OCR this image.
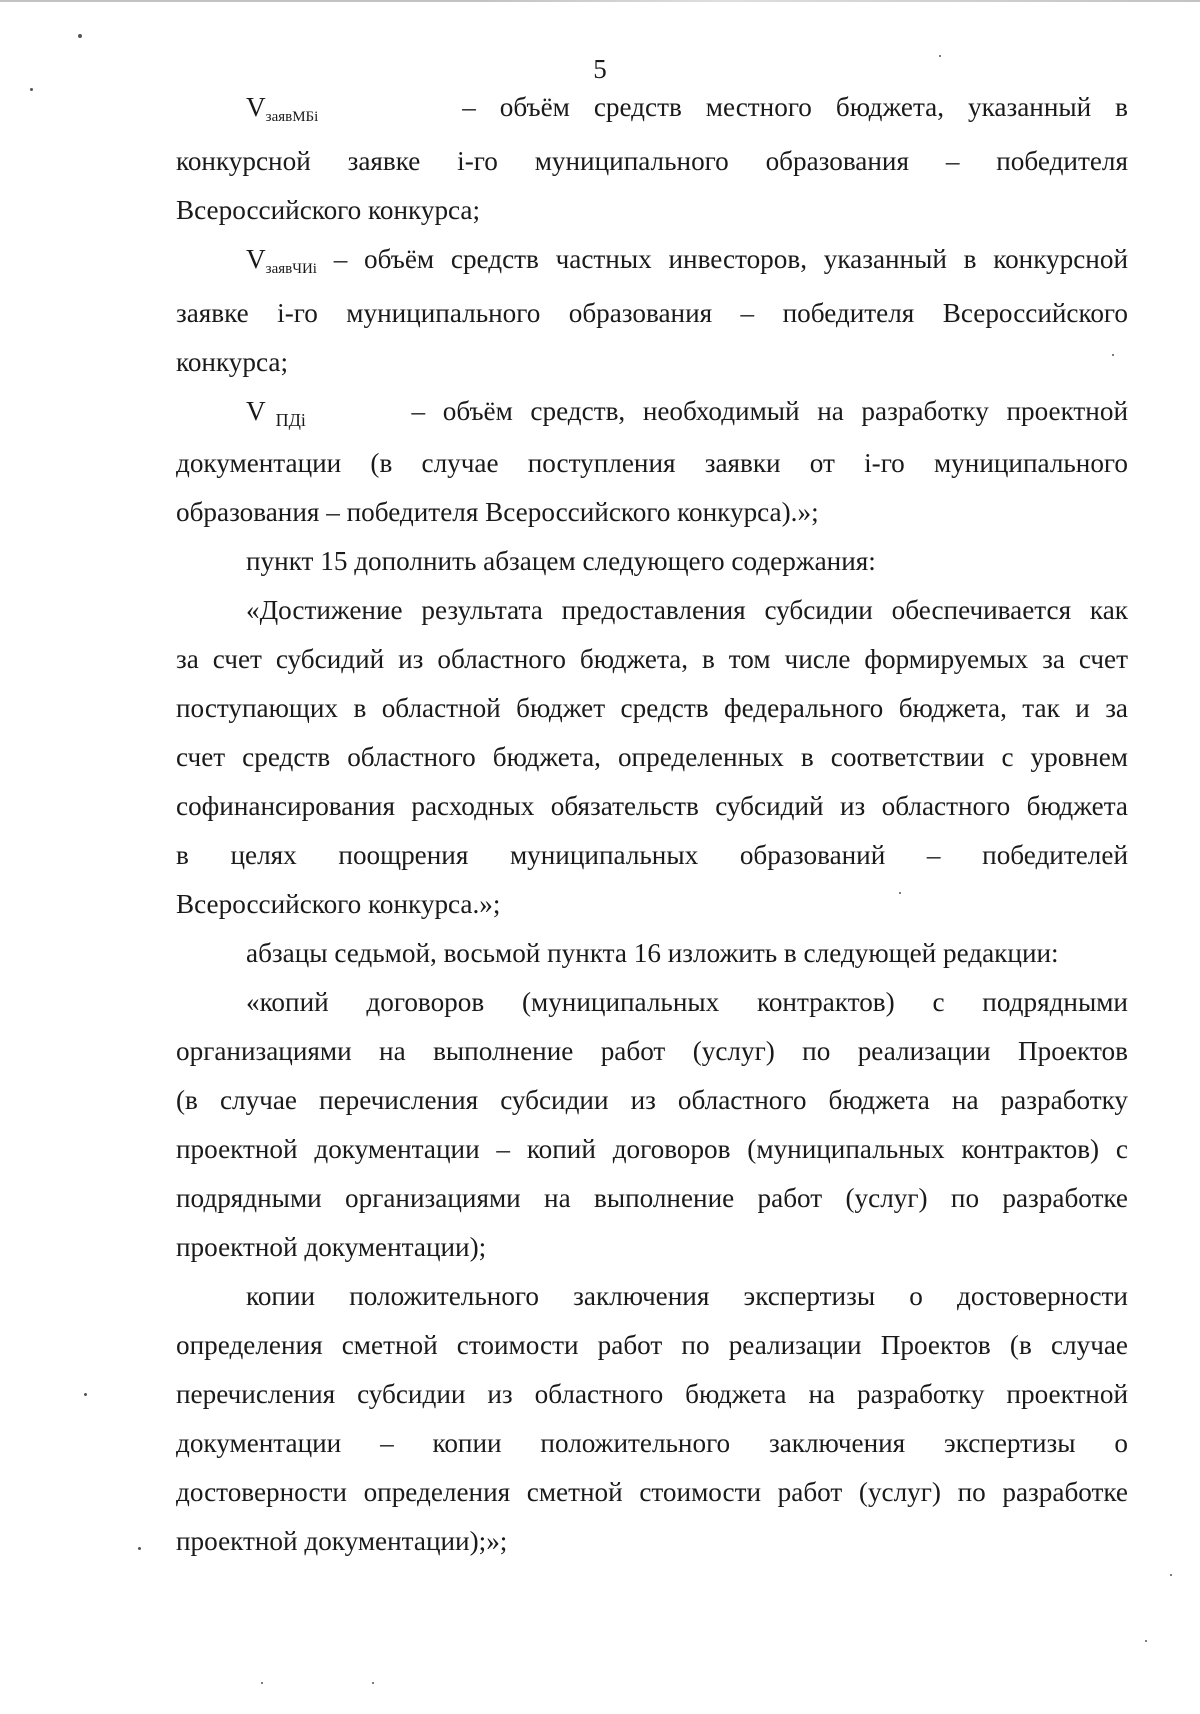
5
VзаявМБi	– объём средств местного бюджета, указанный в
конкурсной заявке i-го муниципального образования – победителя
Всероссийского конкурса;
VзаявЧИi – объём средств частных инвесторов, указанный в конкурсной
заявке i-го муниципального образования – победителя Всероссийского
конкурса;
V $_{ПДi}$	– объём средств, необходимый на разработку проектной
документации (в случае поступления заявки от i-го муниципального
образования – победителя Всероссийского конкурса).»;
пункт 15 дополнить абзацем следующего содержания:
«Достижение результата предоставления субсидии обеспечивается как
за счет субсидий из областного бюджета, в том числе формируемых за счет
поступающих в областной бюджет средств федерального бюджета, так и за
счет средств областного бюджета, определенных в соответствии с уровнем
софинансирования расходных обязательств субсидий из областного бюджета
в целях поощрения муниципальных образований – победителей
Всероссийского конкурса.»;
абзацы седьмой, восьмой пункта 16 изложить в следующей редакции:
«копий договоров (муниципальных контрактов) с подрядными
организациями на выполнение работ (услуг) по реализации Проектов
(в случае перечисления субсидии из областного бюджета на разработку
проектной документации – копий договоров (муниципальных контрактов) с
подрядными организациями на выполнение работ (услуг) по разработке
проектной документации);
копии положительного заключения экспертизы о достоверности
определения сметной стоимости работ по реализации Проектов (в случае
перечисления субсидии из областного бюджета на разработку проектной
документации – копии положительного заключения экспертизы о
достоверности определения сметной стоимости работ (услуг) по разработке
проектной документации);»;
